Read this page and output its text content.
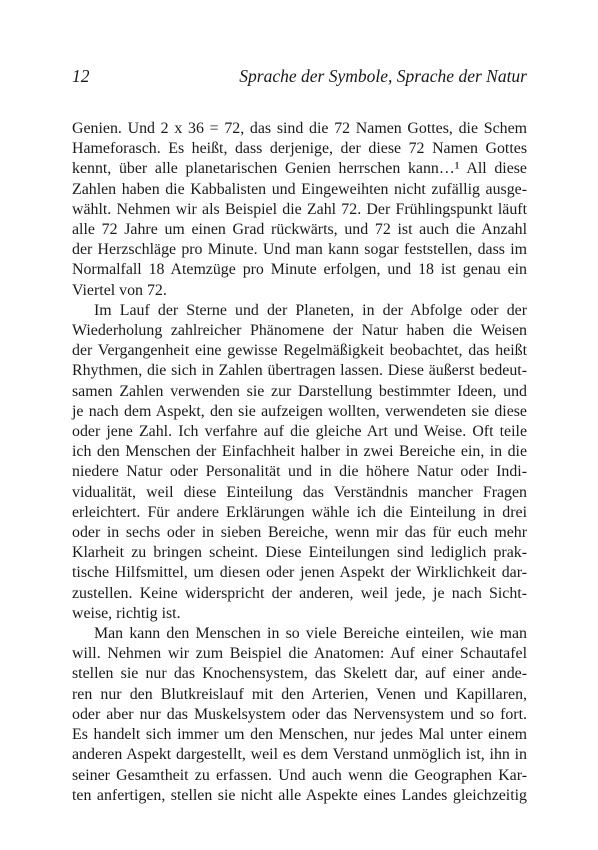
12	Sprache der Symbole, Sprache der Natur
Genien. Und 2 x 36 = 72, das sind die 72 Namen Gottes, die Schem
Hameforasch. Es heißt, dass derjenige, der diese 72 Namen Gottes
kennt, über alle planetarischen Genien herrschen kann…¹ All diese
Zahlen haben die Kabbalisten und Eingeweihten nicht zufällig ausge-
wählt. Nehmen wir als Beispiel die Zahl 72. Der Frühlingspunkt läuft
alle 72 Jahre um einen Grad rückwärts, und 72 ist auch die Anzahl
der Herzschläge pro Minute. Und man kann sogar feststellen, dass im
Normalfall 18 Atemzüge pro Minute erfolgen, und 18 ist genau ein
Viertel von 72.
Im Lauf der Sterne und der Planeten, in der Abfolge oder der
Wiederholung zahlreicher Phänomene der Natur haben die Weisen
der Vergangenheit eine gewisse Regelmäßigkeit beobachtet, das heißt
Rhythmen, die sich in Zahlen übertragen lassen. Diese äußerst bedeut-
samen Zahlen verwenden sie zur Darstellung bestimmter Ideen, und
je nach dem Aspekt, den sie aufzeigen wollten, verwendeten sie diese
oder jene Zahl. Ich verfahre auf die gleiche Art und Weise. Oft teile
ich den Menschen der Einfachheit halber in zwei Bereiche ein, in die
niedere Natur oder Personalität und in die höhere Natur oder Indi-
vidualität, weil diese Einteilung das Verständnis mancher Fragen
erleichtert. Für andere Erklärungen wähle ich die Einteilung in drei
oder in sechs oder in sieben Bereiche, wenn mir das für euch mehr
Klarheit zu bringen scheint. Diese Einteilungen sind lediglich prak-
tische Hilfsmittel, um diesen oder jenen Aspekt der Wirklichkeit dar-
zustellen. Keine widerspricht der anderen, weil jede, je nach Sicht-
weise, richtig ist.
Man kann den Menschen in so viele Bereiche einteilen, wie man
will. Nehmen wir zum Beispiel die Anatomen: Auf einer Schautafel
stellen sie nur das Knochensystem, das Skelett dar, auf einer ande-
ren nur den Blutkreislauf mit den Arterien, Venen und Kapillaren,
oder aber nur das Muskelsystem oder das Nervensystem und so fort.
Es handelt sich immer um den Menschen, nur jedes Mal unter einem
anderen Aspekt dargestellt, weil es dem Verstand unmöglich ist, ihn in
seiner Gesamtheit zu erfassen. Und auch wenn die Geographen Kar-
ten anfertigen, stellen sie nicht alle Aspekte eines Landes gleichzeitig
